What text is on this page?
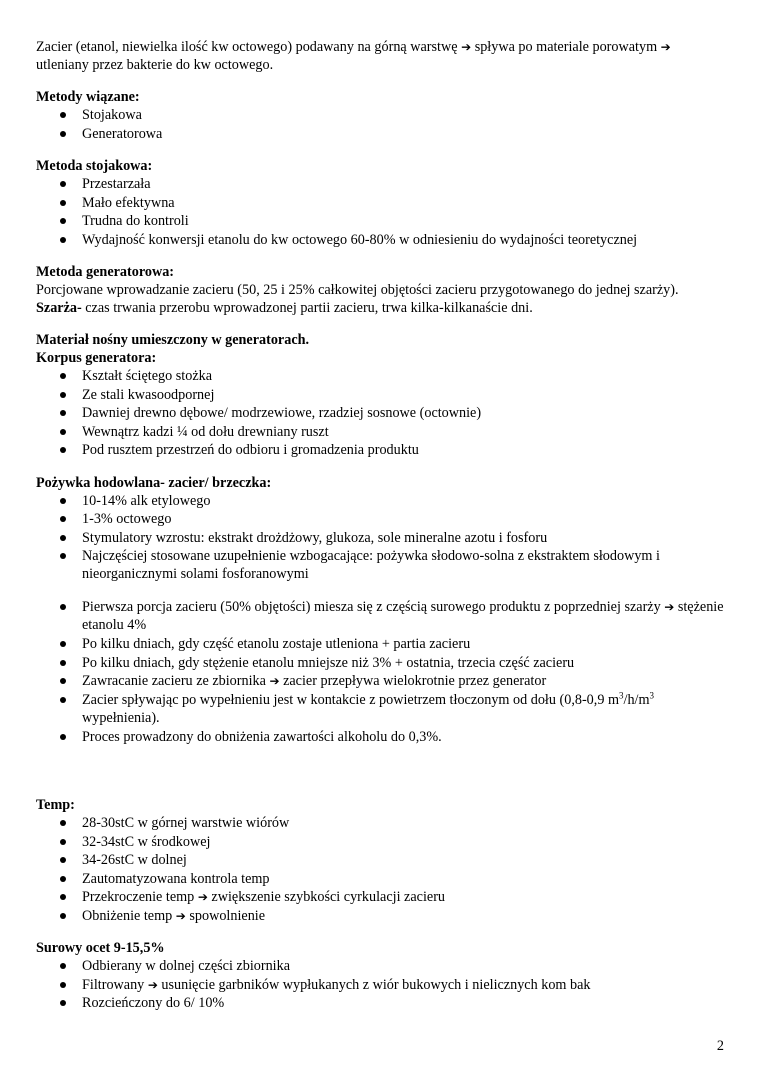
Zacier (etanol, niewielka ilość kw octowego) podawany na górną warstwę ➔ spływa po materiale porowatym ➔
utleniany przez bakterie do kw octowego.

Metody wiązane:

Stojakowa
Generatorowa

Metoda stojakowa:

Przestarzała
Mało efektywna
Trudna do kontroli
Wydajność konwersji etanolu do kw octowego 60-80% w odniesieniu do wydajności teoretycznej

Metoda generatorowa:

Porcjowane wprowadzanie zacieru (50, 25 i 25% całkowitej objętości zacieru przygotowanego do jednej szarży).

Szarża- czas trwania przerobu wprowadzonej partii zacieru, trwa kilka-kilkanaście dni.

Materiał nośny umieszczony w generatorach.

Korpus generatora:

Kształt ściętego stożka
Ze stali kwasoodpornej
Dawniej drewno dębowe/ modrzewiowe, rzadziej sosnowe (octownie)
Wewnątrz kadzi ¼ od dołu drewniany ruszt
Pod rusztem przestrzeń do odbioru i gromadzenia produktu

Pożywka hodowlana- zacier/ brzeczka:

10-14% alk etylowego
1-3% octowego
Stymulatory wzrostu: ekstrakt drożdżowy, glukoza, sole mineralne azotu i fosforu
Najczęściej stosowane uzupełnienie wzbogacające: pożywka słodowo-solna z ekstraktem słodowym i nieorganicznymi solami fosforanowymi
Pierwsza porcja zacieru (50% objętości) miesza się z częścią surowego produktu z poprzedniej szarży ➔ stężenie etanolu 4%
Po kilku dniach, gdy część etanolu zostaje utleniona + partia zacieru
Po kilku dniach, gdy stężenie etanolu mniejsze niż 3% + ostatnia, trzecia część zacieru
Zawracanie zacieru ze zbiornika ➔ zacier przepływa wielokrotnie przez generator
Zacier spływając po wypełnieniu jest w kontakcie z powietrzem tłoczonym od dołu (0,8-0,9 $m^3/h/m^3$ wypełnienia).
Proces prowadzony do obniżenia zawartości alkoholu do 0,3%.

Temp:

28-30stC w górnej warstwie wiórów
32-34stC w środkowej
34-26stC w dolnej
Zautomatyzowana kontrola temp
Przekroczenie temp ➔ zwiększenie szybkości cyrkulacji zacieru
Obniżenie temp ➔ spowolnienie

Surowy ocet 9-15,5%

Odbierany w dolnej części zbiornika
Filtrowany ➔ usunięcie garbników wypłukanych z wiór bukowych i nielicznych kom bak
Rozcieńczony do 6/ 10%
2
